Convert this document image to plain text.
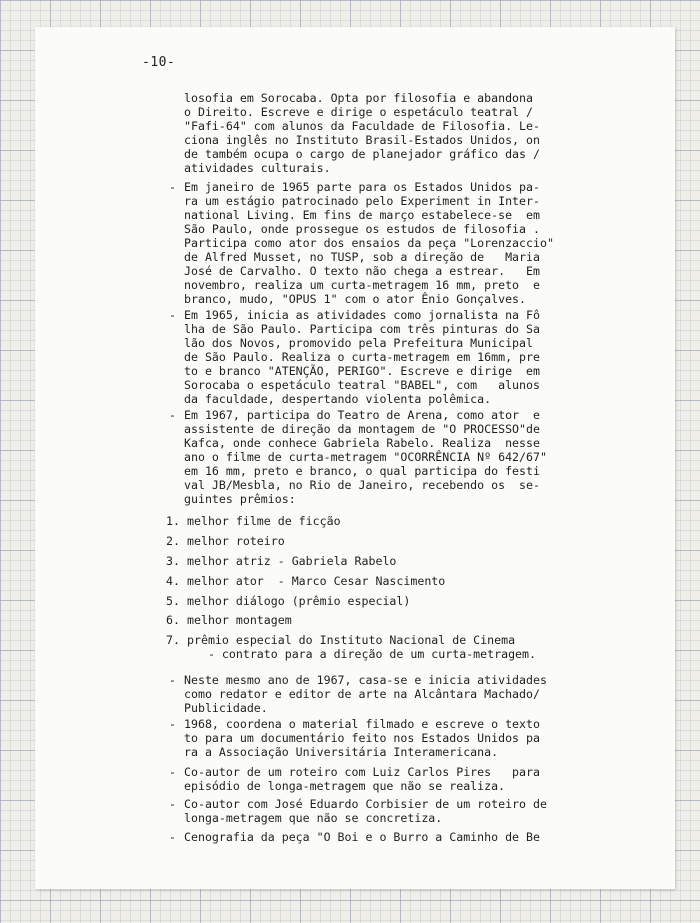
-10-

losofia em Sorocaba. Opta por filosofia e abandona
o Direito. Escreve e dirige o espetáculo teatral /
"Fafi-64" com alunos da Faculdade de Filosofia. Le-
ciona inglês no Instituto Brasil-Estados Unidos, on
de também ocupa o cargo de planejador gráfico das /
atividades culturais.

- Em janeiro de 1965 parte para os Estados Unidos pa-
ra um estágio patrocinado pelo Experiment in Inter-
national Living. Em fins de março estabelece-se  em
São Paulo, onde prossegue os estudos de filosofia .
Participa como ator dos ensaios da peça "Lorenzaccio"
de Alfred Musset, no TUSP, sob a direção de   Maria
José de Carvalho. O texto não chega a estrear.   Em
novembro, realiza um curta-metragem 16 mm, preto  e
branco, mudo, "OPUS 1" com o ator Ênio Gonçalves.

- Em 1965, inicia as atividades como jornalista na Fô
lha de São Paulo. Participa com três pinturas do Sa
lão dos Novos, promovido pela Prefeitura Municipal
de São Paulo. Realiza o curta-metragem em 16mm, pre
to e branco "ATENÇÃO, PERIGO". Escreve e dirige  em
Sorocaba o espetáculo teatral "BABEL", com   alunos
da faculdade, despertando violenta polêmica.

- Em 1967, participa do Teatro de Arena, como ator  e
assistente de direção da montagem de "O PROCESSO"de
Kafca, onde conhece Gabriela Rabelo. Realiza  nesse
ano o filme de curta-metragem "OCORRÊNCIA Nº 642/67"
em 16 mm, preto e branco, o qual participa do festi
val JB/Mesbla, no Rio de Janeiro, recebendo os  se-
guintes prêmios:

1. melhor filme de ficção
2. melhor roteiro
3. melhor atriz - Gabriela Rabelo
4. melhor ator  - Marco Cesar Nascimento
5. melhor diálogo (prêmio especial)
6. melhor montagem
7. prêmio especial do Instituto Nacional de Cinema
- contrato para a direção de um curta-metragem.
- Neste mesmo ano de 1967, casa-se e inicia atividades
como redator e editor de arte na Alcântara Machado/
Publicidade.

- 1968, coordena o material filmado e escreve o texto
to para um documentário feito nos Estados Unidos pa
ra a Associação Universitária Interamericana.

- Co-autor de um roteiro com Luiz Carlos Pires   para
episódio de longa-metragem que não se realiza.

- Co-autor com José Eduardo Corbisier de um roteiro de
longa-metragem que não se concretiza.

- Cenografia da peça "O Boi e o Burro a Caminho de Be
